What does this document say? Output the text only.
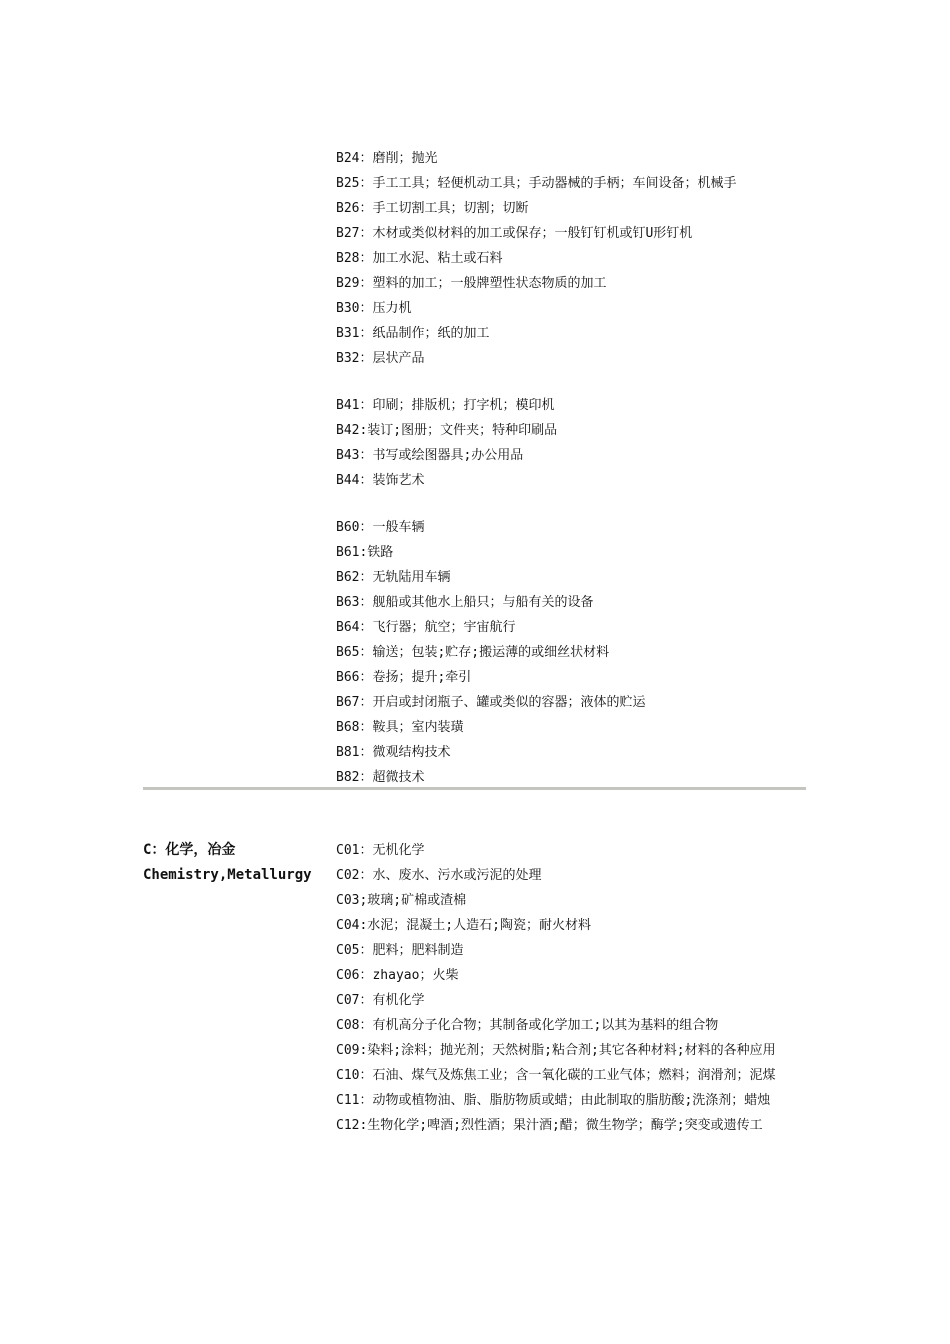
B24：磨削；抛光
B25：手工工具；轻便机动工具；手动器械的手柄；车间设备；机械手
B26：手工切割工具；切割；切断
B27：木材或类似材料的加工或保存；一般钉钉机或钉U形钉机
B28：加工水泥、粘土或石料
B29：塑料的加工；一般牌塑性状态物质的加工
B30：压力机
B31：纸品制作；纸的加工
B32：层状产品
B41：印刷；排版机；打字机；模印机
B42:装订;图册；文件夹；特种印刷品
B43：书写或绘图器具;办公用品
B44：装饰艺术
B60：一般车辆
B61:铁路
B62：无轨陆用车辆
B63：舰船或其他水上船只；与船有关的设备
B64：飞行器；航空；宇宙航行
B65：输送；包装;贮存;搬运薄的或细丝状材料
B66：卷扬；提升;牵引
B67：开启或封闭瓶子、罐或类似的容器；液体的贮运
B68：鞍具；室内装璜
B81：微观结构技术
B82：超微技术
C：化学，冶金
Chemistry,Metallurgy
C01：无机化学
C02：水、废水、污水或污泥的处理
C03;玻璃;矿棉或渣棉
C04:水泥；混凝土;人造石;陶瓷；耐火材料
C05：肥料；肥料制造
C06：zhayao；火柴
C07：有机化学
C08：有机高分子化合物；其制备或化学加工;以其为基料的组合物
C09:染料;涂料；抛光剂；天然树脂;粘合剂;其它各种材料;材料的各种应用
C10：石油、煤气及炼焦工业；含一氧化碳的工业气体；燃料；润滑剂；泥煤
C11：动物或植物油、脂、脂肪物质或蜡；由此制取的脂肪酸;洗涤剂；蜡烛
C12:生物化学;啤酒;烈性酒；果汁酒;醋；微生物学；酶学;突变或遗传工
